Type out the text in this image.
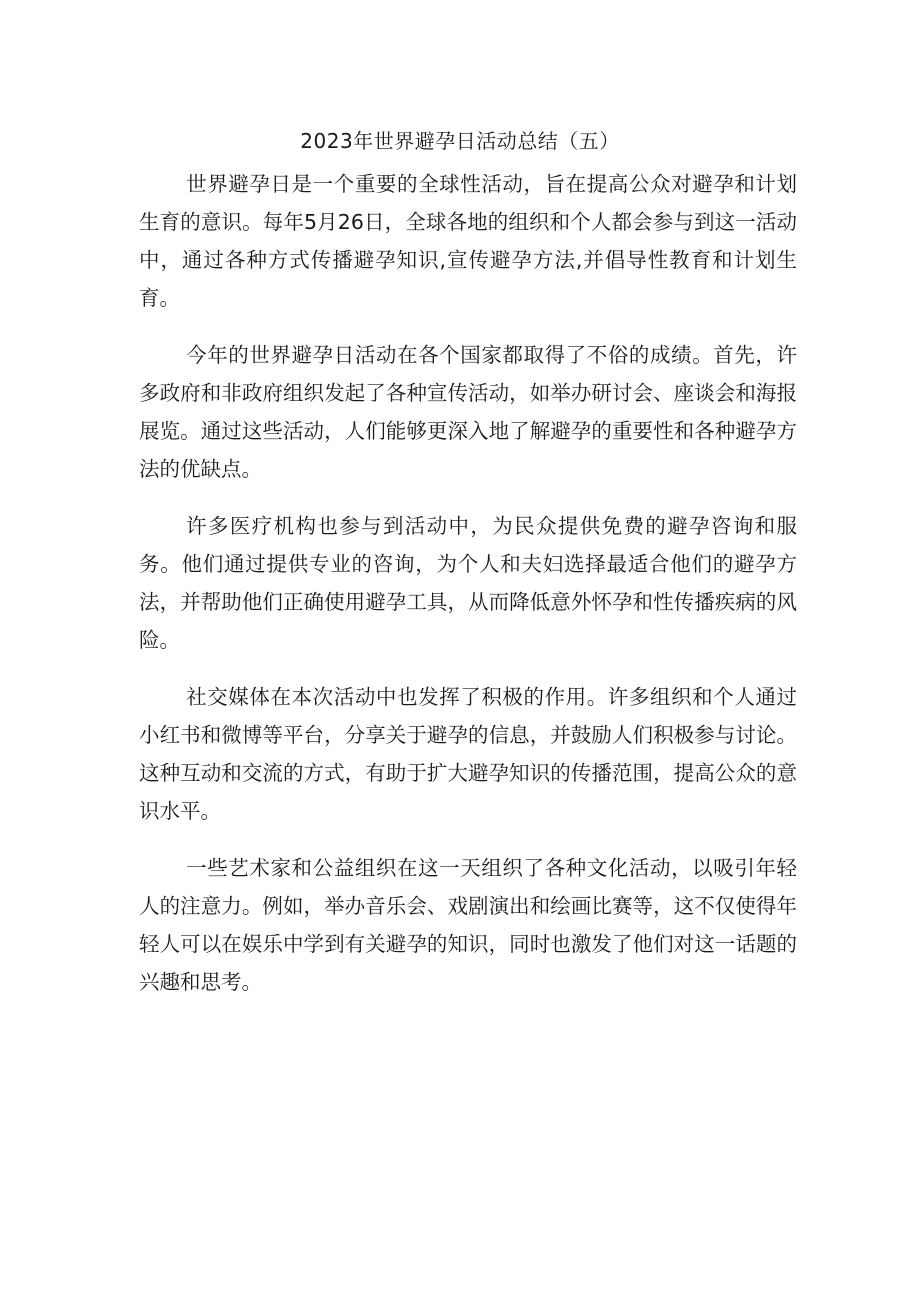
2023年世界避孕日活动总结（五）

世界避孕日是一个重要的全球性活动，旨在提高公众对避孕和计划生育的意识。每年5月26日，全球各地的组织和个人都会参与到这一活动中，通过各种方式传播避孕知识,宣传避孕方法,并倡导性教育和计划生育。

今年的世界避孕日活动在各个国家都取得了不俗的成绩。首先，许多政府和非政府组织发起了各种宣传活动，如举办研讨会、座谈会和海报展览。通过这些活动，人们能够更深入地了解避孕的重要性和各种避孕方法的优缺点。

许多医疗机构也参与到活动中，为民众提供免费的避孕咨询和服务。他们通过提供专业的咨询，为个人和夫妇选择最适合他们的避孕方法，并帮助他们正确使用避孕工具，从而降低意外怀孕和性传播疾病的风险。

社交媒体在本次活动中也发挥了积极的作用。许多组织和个人通过小红书和微博等平台，分享关于避孕的信息，并鼓励人们积极参与讨论。这种互动和交流的方式，有助于扩大避孕知识的传播范围，提高公众的意识水平。

一些艺术家和公益组织在这一天组织了各种文化活动，以吸引年轻人的注意力。例如，举办音乐会、戏剧演出和绘画比赛等，这不仅使得年轻人可以在娱乐中学到有关避孕的知识，同时也激发了他们对这一话题的兴趣和思考。
